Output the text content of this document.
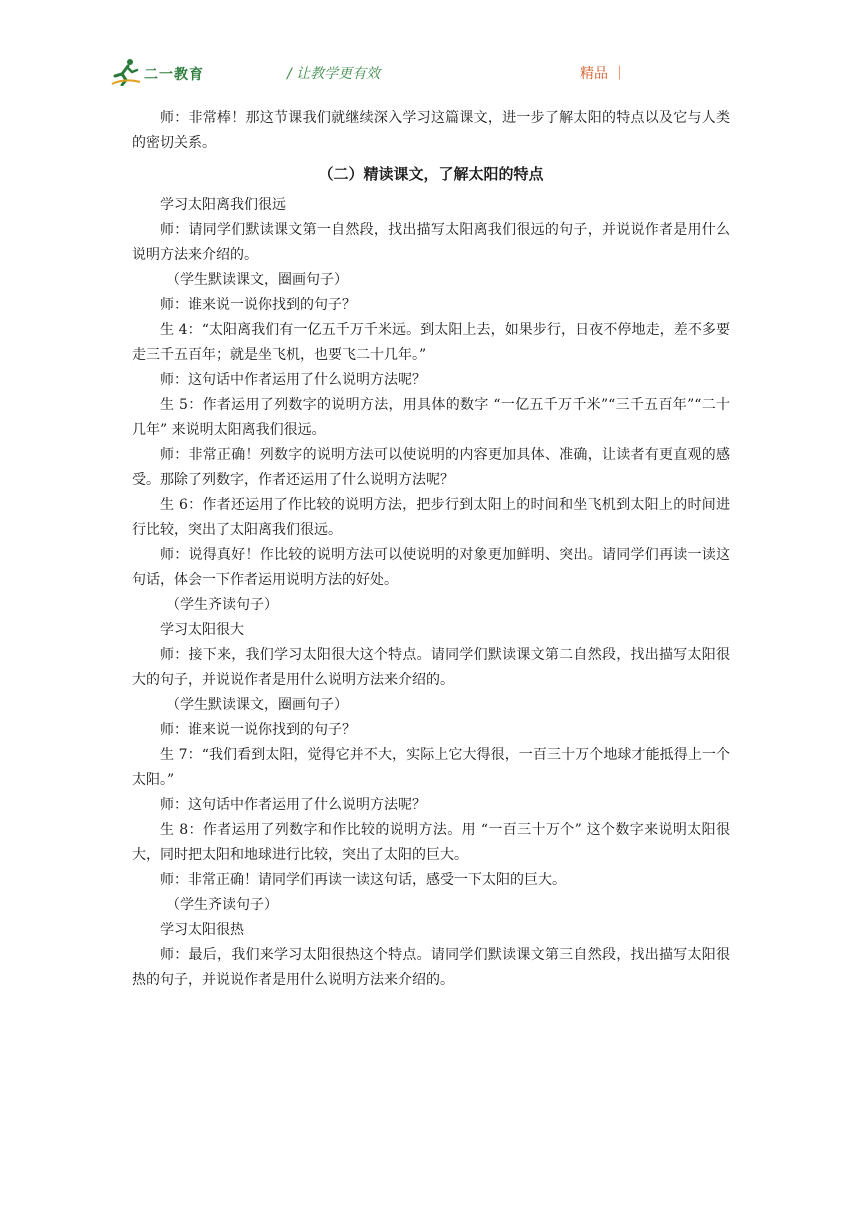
二一教育	/ 让教学更有效	精品 ｜

师：非常棒！那这节课我们就继续深入学习这篇课文，进一步了解太阳的特点以及它与人类的密切关系。

（二）精读课文，了解太阳的特点

学习太阳离我们很远

师：请同学们默读课文第一自然段，找出描写太阳离我们很远的句子，并说说作者是用什么说明方法来介绍的。

（学生默读课文，圈画句子）

师：谁来说一说你找到的句子？

生 4：“太阳离我们有一亿五千万千米远。到太阳上去，如果步行，日夜不停地走，差不多要走三千五百年；就是坐飞机，也要飞二十几年。”

师：这句话中作者运用了什么说明方法呢？

生 5：作者运用了列数字的说明方法，用具体的数字 “一亿五千万千米”“三千五百年”“二十几年” 来说明太阳离我们很远。

师：非常正确！列数字的说明方法可以使说明的内容更加具体、准确，让读者有更直观的感受。那除了列数字，作者还运用了什么说明方法呢？

生 6：作者还运用了作比较的说明方法，把步行到太阳上的时间和坐飞机到太阳上的时间进行比较，突出了太阳离我们很远。

师：说得真好！作比较的说明方法可以使说明的对象更加鲜明、突出。请同学们再读一读这句话，体会一下作者运用说明方法的好处。

（学生齐读句子）

学习太阳很大

师：接下来，我们学习太阳很大这个特点。请同学们默读课文第二自然段，找出描写太阳很大的句子，并说说作者是用什么说明方法来介绍的。

（学生默读课文，圈画句子）

师：谁来说一说你找到的句子？

生 7：“我们看到太阳，觉得它并不大，实际上它大得很，一百三十万个地球才能抵得上一个太阳。”

师：这句话中作者运用了什么说明方法呢？

生 8：作者运用了列数字和作比较的说明方法。用 “一百三十万个” 这个数字来说明太阳很大，同时把太阳和地球进行比较，突出了太阳的巨大。

师：非常正确！请同学们再读一读这句话，感受一下太阳的巨大。

（学生齐读句子）

学习太阳很热

师：最后，我们来学习太阳很热这个特点。请同学们默读课文第三自然段，找出描写太阳很热的句子，并说说作者是用什么说明方法来介绍的。
